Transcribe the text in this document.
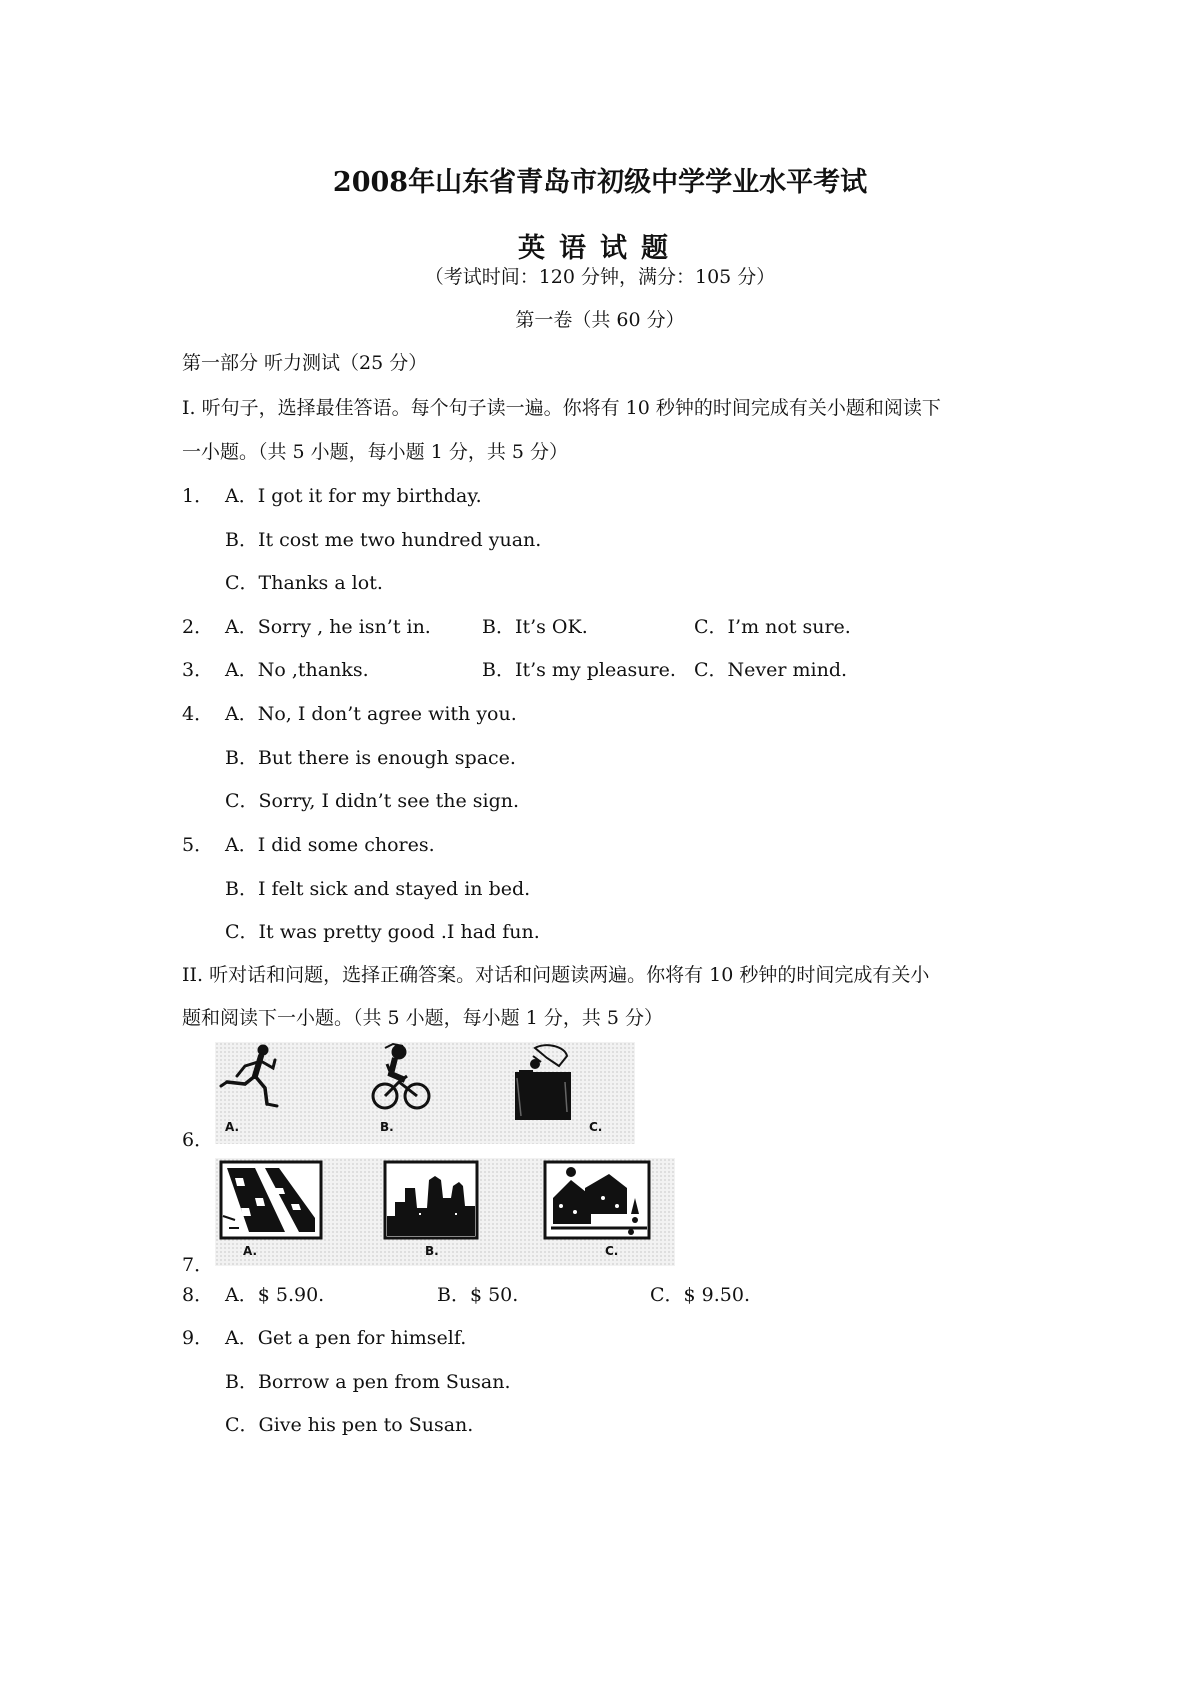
2008年山东省青岛市初级中学学业水平考试
英语试题
（考试时间：120 分钟，满分：105 分）
第一卷（共 60 分）
第一部分 听力测试（25 分）
I. 听句子，选择最佳答语。每个句子读一遍。你将有 10 秒钟的时间完成有关小题和阅读下
一小题。（共 5 小题，每小题 1 分，共 5 分）
1． A．I got it for my birthday.
B．It cost me two hundred yuan.
C．Thanks a lot.
2． A．Sorry , he isn’t in.	B．It’s OK.	C．I’m not sure.
3． A．No ,thanks.	B．It’s my pleasure. C．Never mind.
4． A．No, I don’t agree with you.
B．But there is enough space.
C．Sorry, I didn’t see the sign.
5． A．I did some chores.
B．I felt sick and stayed in bed.
C．It was pretty good .I had fun.
II. 听对话和问题，选择正确答案。对话和问题读两遍。你将有 10 秒钟的时间完成有关小
题和阅读下一小题。（共 5 小题，每小题 1 分，共 5 分）
6．
A.	B.	C.
7．
A.	B.	C.
8． A．$ 5.90.	B．$ 50.	C．$ 9.50.
9． A．Get a pen for himself.
B．Borrow a pen from Susan.
C．Give his pen to Susan.
